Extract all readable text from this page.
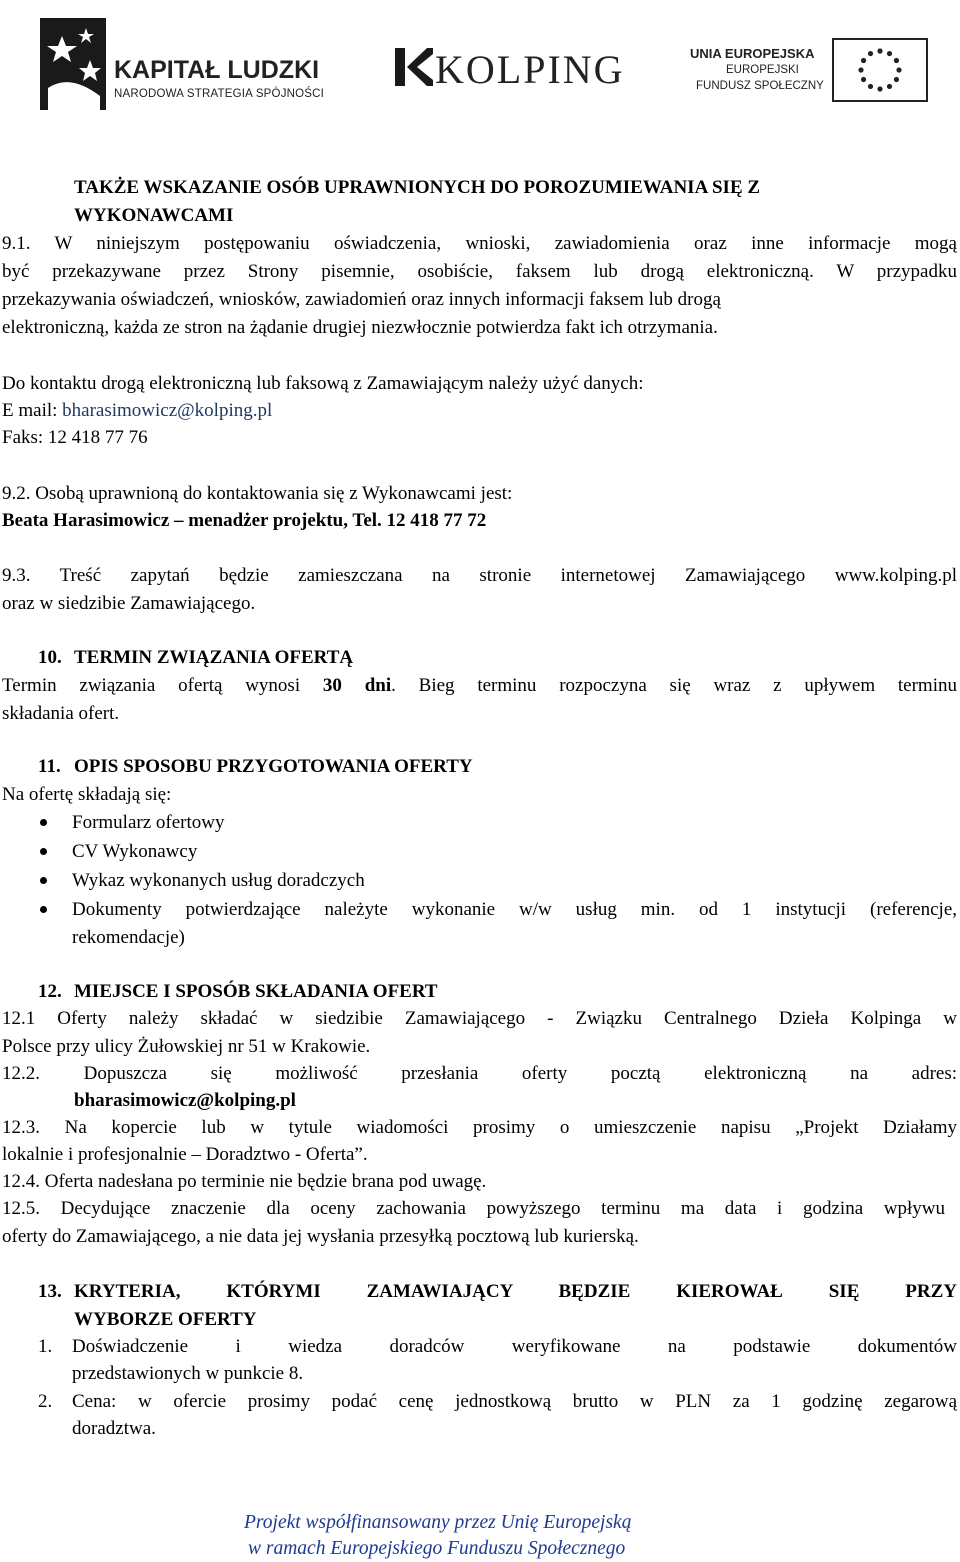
KAPITAŁ LUDZKI
NARODOWA STRATEGIA SPÓJNOŚCI
KOLPING	UNIA EUROPEJSKA
EUROPEJSKI
FUNDUSZ SPOŁECZNY
TAKŻE WSKAZANIE OSÓB UPRAWNIONYCH DO POROZUMIEWANIA SIĘ Z
WYKONAWCAMI
9.1. W niniejszym postępowaniu oświadczenia, wnioski, zawiadomienia oraz inne informacje mogą
być przekazywane przez Strony pisemnie, osobiście, faksem lub drogą elektroniczną. W przypadku
przekazywania oświadczeń, wniosków, zawiadomień oraz innych informacji faksem lub drogą
elektroniczną, każda ze stron na żądanie drugiej niezwłocznie potwierdza fakt ich otrzymania.
Do kontaktu drogą elektroniczną lub faksową z Zamawiającym należy użyć danych:
E mail: bharasimowicz@kolping.pl
Faks: 12 418 77 76
9.2. Osobą uprawnioną do kontaktowania się z Wykonawcami jest:
Beata Harasimowicz – menadżer projektu, Tel. 12 418 77 72
9.3. Treść zapytań będzie zamieszczana na stronie internetowej Zamawiającego www.kolping.pl
oraz w siedzibie Zamawiającego.
10. TERMIN ZWIĄZANIA OFERTĄ
Termin związania ofertą wynosi 30 dni. Bieg terminu rozpoczyna się wraz z upływem terminu
składania ofert.
11. OPIS SPOSOBU PRZYGOTOWANIA OFERTY
Na ofertę składają się:
Formularz ofertowy
CV Wykonawcy
Wykaz wykonanych usług doradczych
Dokumenty potwierdzające należyte wykonanie w/w usług min. od 1 instytucji (referencje,
rekomendacje)
12. MIEJSCE I SPOSÓB SKŁADANIA OFERT
12.1 Oferty należy składać w siedzibie Zamawiającego - Związku Centralnego Dzieła Kolpinga w
Polsce przy ulicy Żułowskiej nr 51 w Krakowie.
12.2. Dopuszcza się możliwość przesłania oferty pocztą elektroniczną na adres:
bharasimowicz@kolping.pl
12.3. Na kopercie lub w tytule wiadomości prosimy o umieszczenie napisu „Projekt Działamy
lokalnie i profesjonalnie – Doradztwo - Oferta”.
12.4. Oferta nadesłana po terminie nie będzie brana pod uwagę.
12.5. Decydujące znaczenie dla oceny zachowania powyższego terminu ma data i godzina wpływu
oferty do Zamawiającego, a nie data jej wysłania przesyłką pocztową lub kurierską.
13. KRYTERIA, KTÓRYMI ZAMAWIAJĄCY BĘDZIE KIEROWAŁ SIĘ PRZY
WYBORZE OFERTY
1. Doświadczenie i wiedza doradców weryfikowane na podstawie dokumentów
przedstawionych w punkcie 8.
2. Cena: w ofercie prosimy podać cenę jednostkową brutto w PLN za 1 godzinę zegarową
doradztwa.
Projekt współfinansowany przez Unię Europejską
w ramach Europejskiego Funduszu Społecznego
